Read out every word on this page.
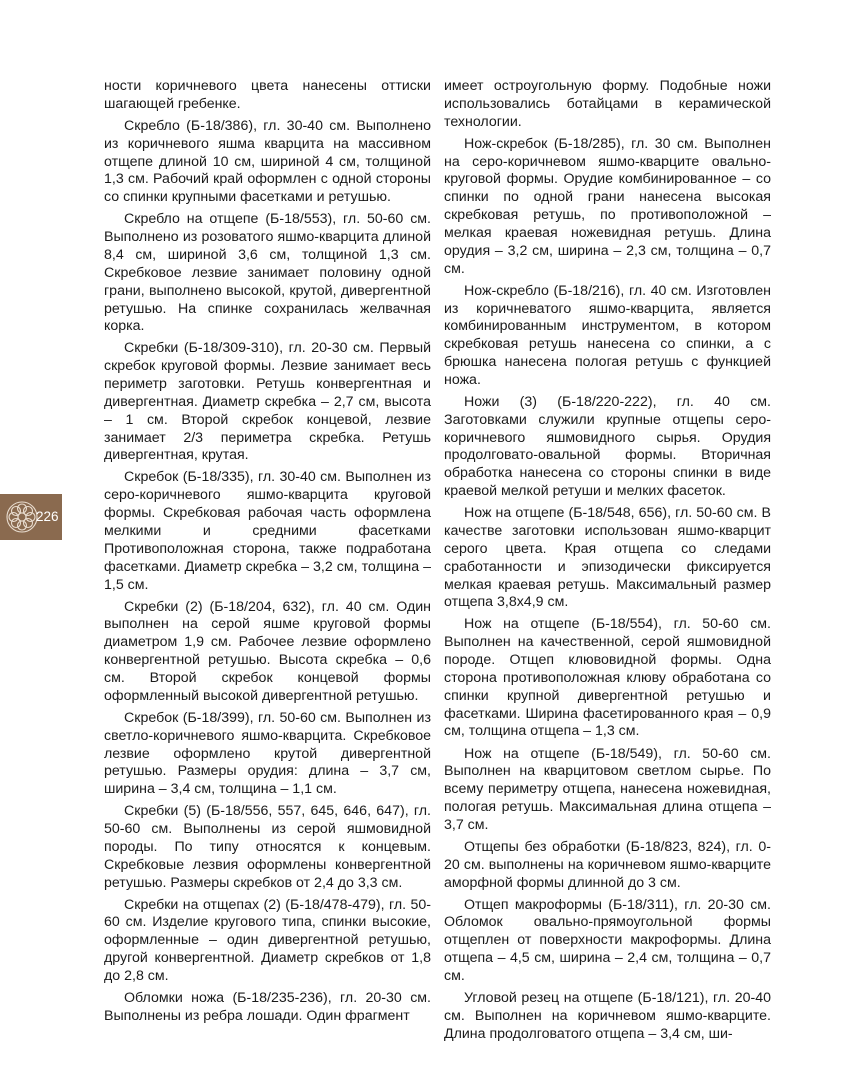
ности коричневого цвета нанесены оттиски шагающей гребенке.

Скребло (Б-18/386), гл. 30-40 см. Выполнено из коричневого яшма кварцита на массивном отщепе длиной 10 см, шириной 4 см, толщиной 1,3 см. Рабочий край оформлен с одной стороны со спинки крупными фасетками и ретушью.

Скребло на отщепе (Б-18/553), гл. 50-60 см. Выполнено из розоватого яшмо-кварцита длиной 8,4 см, шириной 3,6 см, толщиной 1,3 см. Скребковое лезвие занимает половину одной грани, выполнено высокой, крутой, дивергентной ретушью. На спинке сохранилась желвачная корка.

Скребки (Б-18/309-310), гл. 20-30 см. Первый скребок круговой формы. Лезвие занимает весь периметр заготовки. Ретушь конвергентная и дивергентная. Диаметр скребка – 2,7 см, высота – 1 см. Второй скребок концевой, лезвие занимает 2/3 периметра скребка. Ретушь дивергентная, крутая.

Скребок (Б-18/335), гл. 30-40 см. Выполнен из серо-коричневого яшмо-кварцита круговой формы. Скребковая рабочая часть оформлена мелкими и средними фасетками Противоположная сторона, также подработана фасетками. Диаметр скребка – 3,2 см, толщина – 1,5 см.

Скребки (2) (Б-18/204, 632), гл. 40 см. Один выполнен на серой яшме круговой формы диаметром 1,9 см. Рабочее лезвие оформлено конвергентной ретушью. Высота скребка – 0,6 см. Второй скребок концевой формы оформленный высокой дивергентной ретушью.

Скребок (Б-18/399), гл. 50-60 см. Выполнен из светло-коричневого яшмо-кварцита. Скребковое лезвие оформлено крутой дивергентной ретушью. Размеры орудия: длина – 3,7 см, ширина – 3,4 см, толщина – 1,1 см.

Скребки (5) (Б-18/556, 557, 645, 646, 647), гл. 50-60 см. Выполнены из серой яшмовидной породы. По типу относятся к концевым. Скребковые лезвия оформлены конвергентной ретушью. Размеры скребков от 2,4 до 3,3 см.

Скребки на отщепах (2) (Б-18/478-479), гл. 50-60 см. Изделие кругового типа, спинки высокие, оформленные – один дивергентной ретушью, другой конвергентной. Диаметр скребков от 1,8 до 2,8 см.

Обломки ножа (Б-18/235-236), гл. 20-30 см. Выполнены из ребра лошади. Один фрагмент

имеет остроугольную форму. Подобные ножи использовались ботайцами в керамической технологии.

Нож-скребок (Б-18/285), гл. 30 см. Выполнен на серо-коричневом яшмо-кварците овально-круговой формы. Орудие комбинированное – со спинки по одной грани нанесена высокая скребковая ретушь, по противоположной – мелкая краевая ножевидная ретушь. Длина орудия – 3,2 см, ширина – 2,3 см, толщина – 0,7 см.

Нож-скребло (Б-18/216), гл. 40 см. Изготовлен из коричневатого яшмо-кварцита, является комбинированным инструментом, в котором скребковая ретушь нанесена со спинки, а с брюшка нанесена пологая ретушь с функцией ножа.

Ножи (3) (Б-18/220-222), гл. 40 см. Заготовками служили крупные отщепы серо-коричневого яшмовидного сырья. Орудия продолговато-овальной формы. Вторичная обработка нанесена со стороны спинки в виде краевой мелкой ретуши и мелких фасеток.

Нож на отщепе (Б-18/548, 656), гл. 50-60 см. В качестве заготовки использован яшмо-кварцит серого цвета. Края отщепа со следами сработанности и эпизодически фиксируется мелкая краевая ретушь. Максимальный размер отщепа 3,8х4,9 см.

Нож на отщепе (Б-18/554), гл. 50-60 см. Выполнен на качественной, серой яшмовидной породе. Отщеп клювовидной формы. Одна сторона противоположная клюву обработана со спинки крупной дивергентной ретушью и фасетками. Ширина фасетированного края – 0,9 см, толщина отщепа – 1,3 см.

Нож на отщепе (Б-18/549), гл. 50-60 см. Выполнен на кварцитовом светлом сырье. По всему периметру отщепа, нанесена ножевидная, пологая ретушь. Максимальная длина отщепа – 3,7 см.

Отщепы без обработки (Б-18/823, 824), гл. 0-20 см. выполнены на коричневом яшмо-кварците аморфной формы длинной до 3 см.

Отщеп макроформы (Б-18/311), гл. 20-30 см. Обломок овально-прямоугольной формы отщеплен от поверхности макроформы. Длина отщепа – 4,5 см, ширина – 2,4 см, толщина – 0,7 см.

Угловой резец на отщепе (Б-18/121), гл. 20-40 см. Выполнен на коричневом яшмо-кварците. Длина продолговатого отщепа – 3,4 см, ши-

226
